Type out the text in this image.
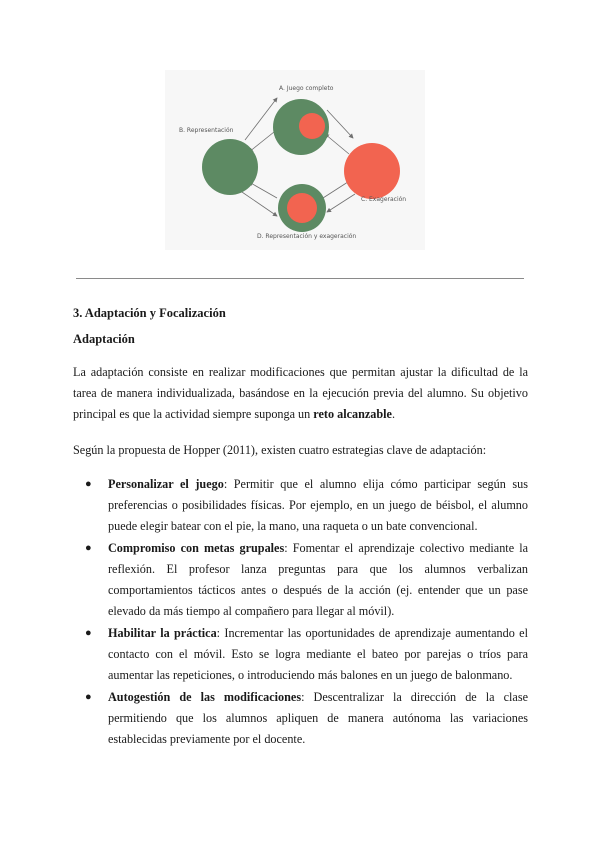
A. Juego completo
B. Representación
C. Exageración
D. Representación y exageración
3. Adaptación y Focalización
Adaptación

La adaptación consiste en realizar modificaciones que permitan ajustar la dificultad de la tarea de manera individualizada, basándose en la ejecución previa del alumno. Su objetivo principal es que la actividad siempre suponga un reto alcanzable.

Según la propuesta de Hopper (2011), existen cuatro estrategias clave de adaptación:

● Personalizar el juego: Permitir que el alumno elija cómo participar según sus preferencias o posibilidades físicas. Por ejemplo, en un juego de béisbol, el alumno puede elegir batear con el pie, la mano, una raqueta o un bate convencional.
● Compromiso con metas grupales: Fomentar el aprendizaje colectivo mediante la reflexión. El profesor lanza preguntas para que los alumnos verbalizan comportamientos tácticos antes o después de la acción (ej. entender que un pase elevado da más tiempo al compañero para llegar al móvil).
● Habilitar la práctica: Incrementar las oportunidades de aprendizaje aumentando el contacto con el móvil. Esto se logra mediante el bateo por parejas o tríos para aumentar las repeticiones, o introduciendo más balones en un juego de balonmano.
● Autogestión de las modificaciones: Descentralizar la dirección de la clase permitiendo que los alumnos apliquen de manera autónoma las variaciones establecidas previamente por el docente.
